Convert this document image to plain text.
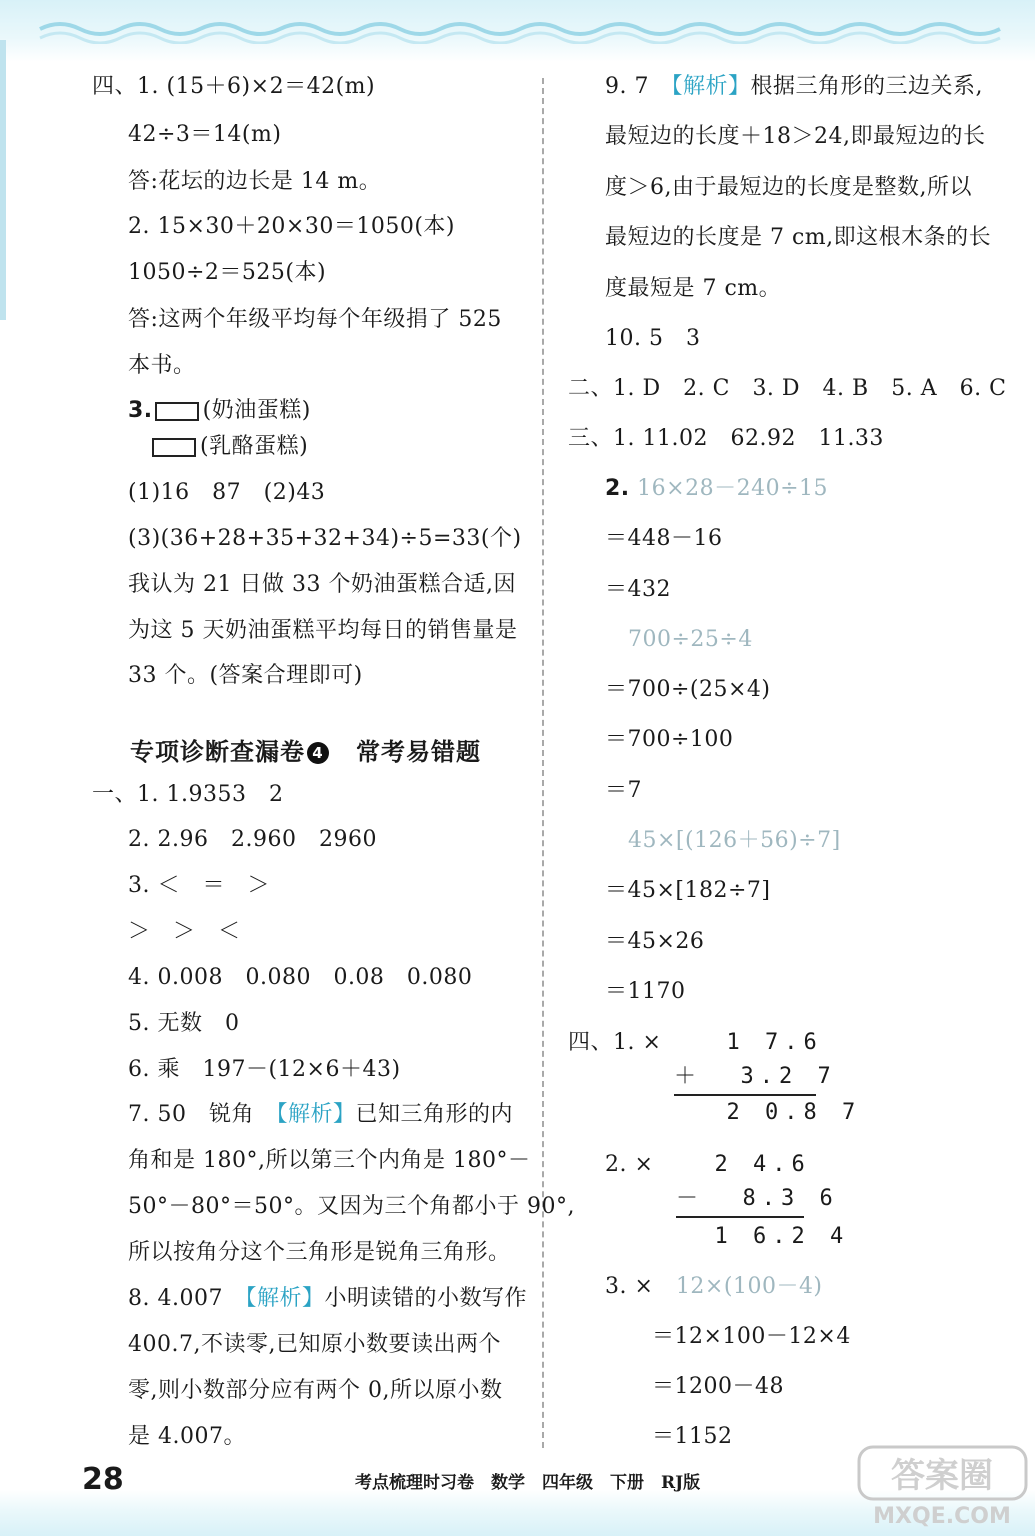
四、1. (15＋6)×2＝42(m)
42÷3＝14(m)
答:花坛的边长是 14 m。
2. 15×30＋20×30＝1050(本)
1050÷2＝525(本)
答:这两个年级平均每个年级捐了 525
本书。
3. (奶油蛋糕)
(乳酪蛋糕)
(1)16　87　(2)43
(3)(36+28+35+32+34)÷5=33(个)
我认为 21 日做 33 个奶油蛋糕合适,因
为这 5 天奶油蛋糕平均每日的销售量是
33 个。(答案合理即可)
专项诊断查漏卷 4　常考易错题
一、1. 1.9353　2
2. 2.96　2.960　2960
3. ＜　＝　＞
＞　＞　＜
4. 0.008　0.080　0.08　0.080
5. 无数　0
6. 乘　197－(12×6＋43)
7. 50　锐角　【解析】已知三角形的内
角和是 180°,所以第三个内角是 180°－
50°－80°＝50°。又因为三个角都小于 90°,
所以按角分这个三角形是锐角三角形。
8. 4.007　【解析】小明读错的小数写作
400.7,不读零,已知原小数要读出两个
零,则小数部分应有两个 0,所以原小数
是 4.007。
9. 7　【解析】根据三角形的三边关系,
最短边的长度＋18＞24,即最短边的长
度＞6,由于最短边的长度是整数,所以
最短边的长度是 7 cm,即这根木条的长
度最短是 7 cm。
10. 5　3
二、1. D　2. C　3. D　4. B　5. A　6. C
三、1. 11.02　62.92　11.33
2. 16×28－240÷15
＝448－16
＝432
700÷25÷4
＝700÷(25×4)
＝700÷100
＝7
45×[(126＋56)÷7]
＝45×[182÷7]
＝45×26
＝1170
四、1. × 1 7.6
＋  3.2 7
2 0.8 7
2. × 2 4.6
－  8.3 6
1 6.2 4
3. ×　 12×(100－4)
＝12×100－12×4
＝1200－48
＝1152
28	考点梳理时习卷　数学　四年级　下册　RJ版	答案圈
MXQE.COM
